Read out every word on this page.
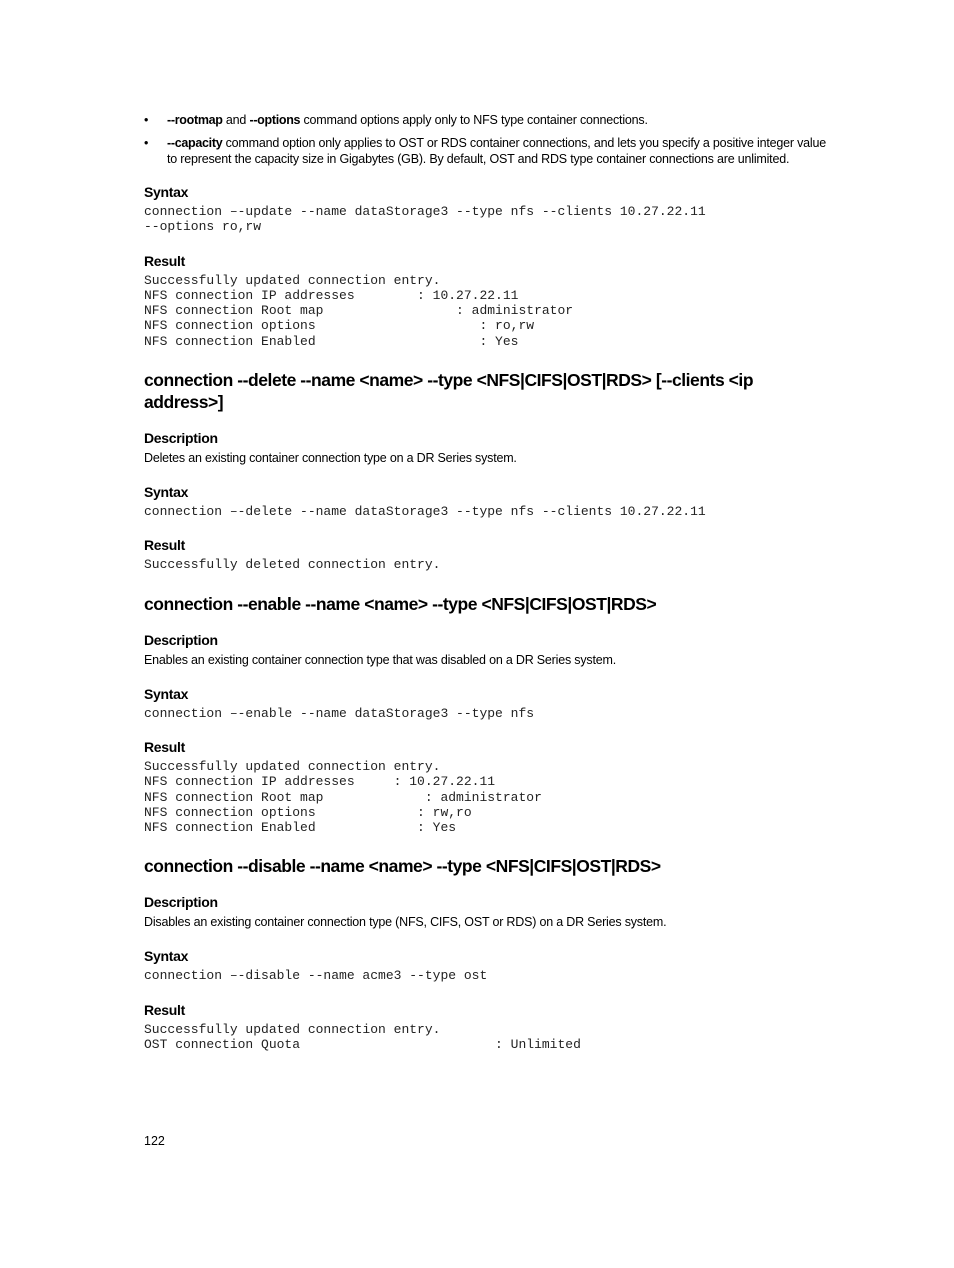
• --rootmap and --options command options apply only to NFS type container connections.
• --capacity command option only applies to OST or RDS container connections, and lets you specify a positive integer value to represent the capacity size in Gigabytes (GB). By default, OST and RDS type container connections are unlimited.
Syntax
connection –-update --name dataStorage3 --type nfs --clients 10.27.22.11
--options ro,rw
Result
Successfully updated connection entry.
NFS connection IP addresses        : 10.27.22.11
NFS connection Root map                 : administrator
NFS connection options                     : ro,rw
NFS connection Enabled                     : Yes
connection --delete --name <name> --type <NFS|CIFS|OST|RDS> [--clients <ip address>]
Description

Deletes an existing container connection type on a DR Series system.

Syntax
connection –-delete --name dataStorage3 --type nfs --clients 10.27.22.11
Result
Successfully deleted connection entry.
connection --enable --name <name> --type <NFS|CIFS|OST|RDS>
Description

Enables an existing container connection type that was disabled on a DR Series system.

Syntax
connection –-enable --name dataStorage3 --type nfs
Result
Successfully updated connection entry.
NFS connection IP addresses     : 10.27.22.11
NFS connection Root map             : administrator
NFS connection options             : rw,ro
NFS connection Enabled             : Yes
connection --disable --name <name> --type <NFS|CIFS|OST|RDS>
Description

Disables an existing container connection type (NFS, CIFS, OST or RDS) on a DR Series system.

Syntax
connection –-disable --name acme3 --type ost
Result
Successfully updated connection entry.
OST connection Quota                         : Unlimited
122
